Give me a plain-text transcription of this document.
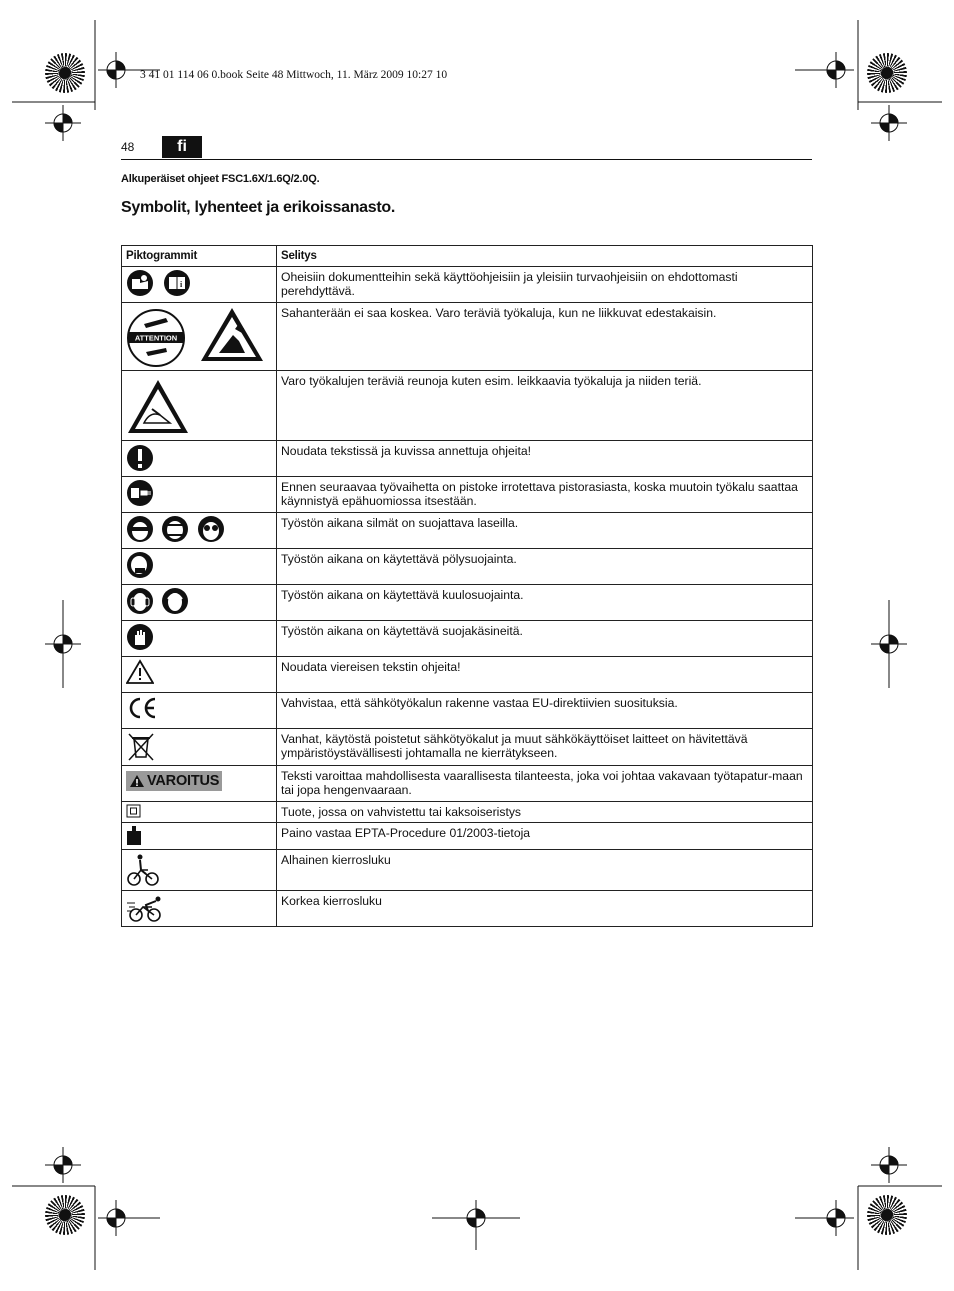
3 41 01 114 06 0.book Seite 48 Mittwoch, 11. März 2009 10:27 10
48	fi
Alkuperäiset ohjeet FSC1.6X/1.6Q/2.0Q.
Symbolit, lyhenteet ja erikoissanasto.
Piktogrammit	Selitys

i	Oheisiin dokumentteihin sekä käyttöohjeisiin ja yleisiin turvaohjeisiin on ehdottomasti perehdyttävä.

ATTENTION	Sahanterään ei saa koskea. Varo teräviä työkaluja, kun ne liikkuvat edestakaisin.
	Varo työkalujen teräviä reunoja kuten esim. leikkaavia työkaluja ja niiden teriä.
	Noudata tekstissä ja kuvissa annettuja ohjeita!
	Ennen seuraavaa työvaihetta on pistoke irrotettava pistorasiasta, koska muutoin työkalu saattaa käynnistyä epähuomiossa itsestään.
	Työstön aikana silmät on suojattava laseilla.
	Työstön aikana on käytettävä pölysuojainta.
	Työstön aikana on käytettävä kuulosuojainta.
	Työstön aikana on käytettävä suojakäsineitä.
	Noudata viereisen tekstin ohjeita!
	Vahvistaa, että sähkötyökalun rakenne vastaa EU-direktiivien suosituksia.
	Vanhat, käytöstä poistetut sähkötyökalut ja muut sähkökäyttöiset laitteet on hävitettävä ympäristöystävällisesti johtamalla ne kierrätykseen.

VAROITUS	Teksti varoittaa mahdollisesta vaarallisesta tilanteesta, joka voi johtaa vakavaan työtapatur-maan tai jopa hengenvaaraan.
	Tuote, jossa on vahvistettu tai kaksoiseristys
	Paino vastaa EPTA-Procedure 01/2003-tietoja
	Alhainen kierrosluku
	Korkea kierrosluku
